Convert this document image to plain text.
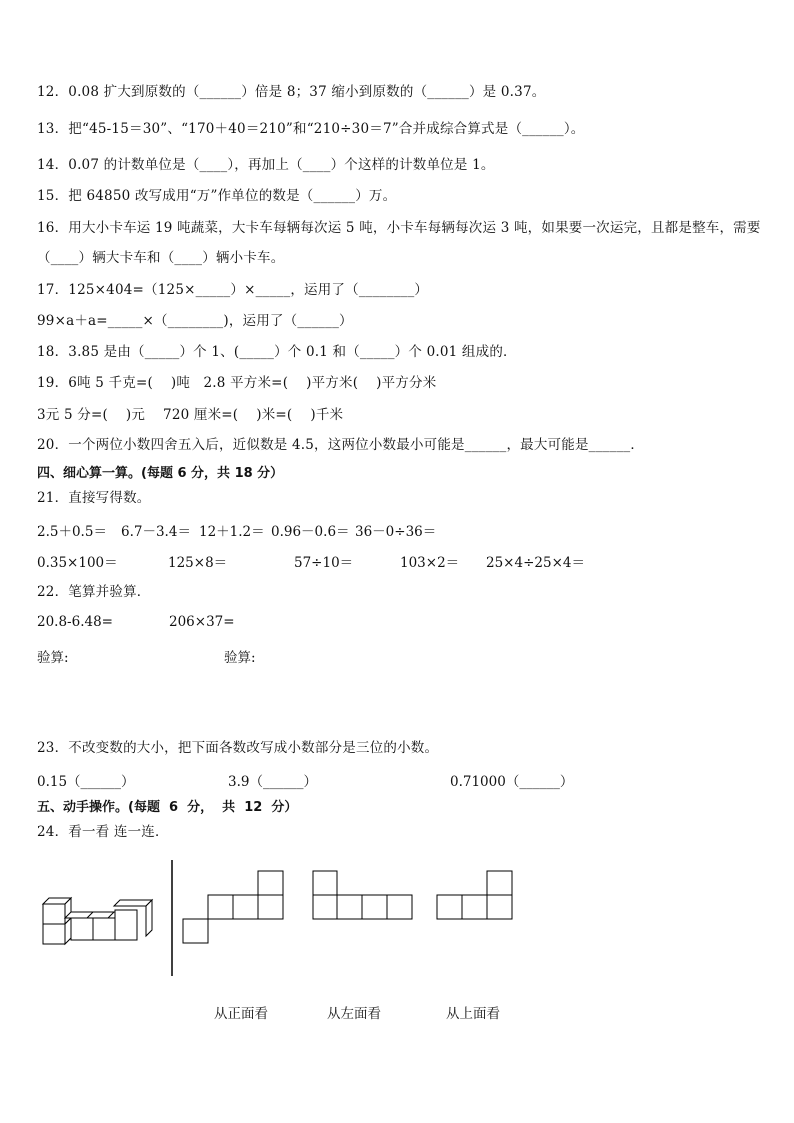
12．0.08 扩大到原数的（______）倍是 8；37 缩小到原数的（______）是 0.37。
13．把“45-15＝30”、“170＋40＝210”和“210÷30＝7”合并成综合算式是（______）。
14．0.07 的计数单位是（____），再加上（____）个这样的计数单位是 1。
15．把 64850 改写成用“万”作单位的数是（______）万。
16．用大小卡车运 19 吨蔬菜，大卡车每辆每次运 5 吨，小卡车每辆每次运 3 吨，如果要一次运完，且都是整车，需要
（____）辆大卡车和（____）辆小卡车。
17．125×404=（125×_____）×_____，运用了（________）
99×a＋a=_____×（________)，运用了（______）
18．3.85 是由（_____）个 1、(_____）个 0.1 和（_____）个 0.01 组成的．
19．6吨 5 千克=(    )吨   2.8 平方米=(    )平方米(    )平方分米
3元 5 分=(    )元    720 厘米=(    )米=(    )千米
20．一个两位小数四舍五入后，近似数是 4.5，这两位小数最小可能是______，最大可能是______．
四、细心算一算。(每题 6 分，共 18 分）
21．直接写得数。
2.5＋0.5＝ 6.7－3.4＝ 12＋1.2＝ 0.96－0.6＝ 36－0÷36＝
0.35×100＝	125×8＝	57÷10＝	103×2＝ 25×4÷25×4＝
22．笔算并验算．
20.8-6.48=	206×37=
验算:	验算:
23．不改变数的大小，把下面各数改写成小数部分是三位的小数。
0.15（______）	3.9（______）	0.71000（______）
五、动手操作。(每题  6  分，  共  12  分）
24．看一看 连一连．
从正面看	从左面看	从上面看
